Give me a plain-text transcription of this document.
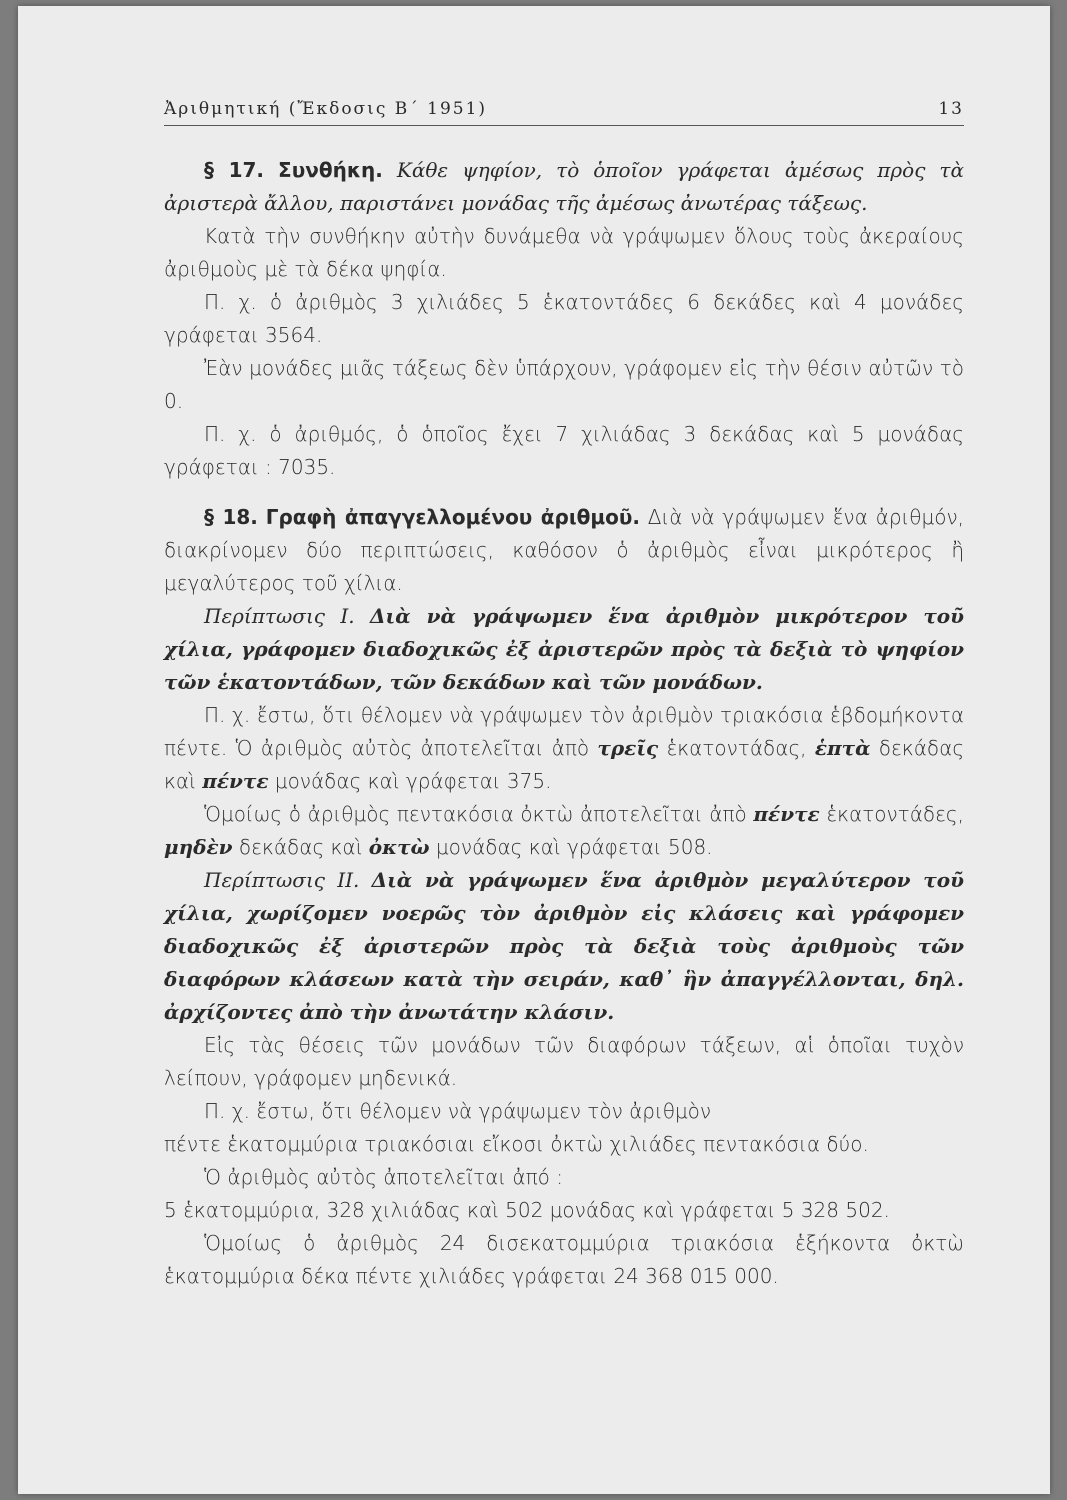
Ἀριθμητική (Ἔκδοσις Β΄ 1951)	13

§ 17. Συνθήκη. Κάθε ψηφίον, τὸ ὁποῖον γράφεται ἀμέσως πρὸς τὰ ἀριστερὰ ἄλλου, παριστάνει μονάδας τῆς ἀμέσως ἀνωτέρας τάξεως.

Κατὰ τὴν συνθήκην αὐτὴν δυνάμεθα νὰ γράψωμεν ὅλους τοὺς ἀκεραίους ἀριθμοὺς μὲ τὰ δέκα ψηφία.

Π. χ. ὁ ἀριθμὸς 3 χιλιάδες 5 ἑκατοντάδες 6 δεκάδες καὶ 4 μονάδες γράφεται 3564.

Ἐὰν μονάδες μιᾶς τάξεως δὲν ὑπάρχουν, γράφομεν εἰς τὴν θέσιν αὐτῶν τὸ 0.

Π. χ. ὁ ἀριθμός, ὁ ὁποῖος ἔχει 7 χιλιάδας 3 δεκάδας καὶ 5 μονάδας γράφεται : 7035.

§ 18. Γραφὴ ἀπαγγελλομένου ἀριθμοῦ. Διὰ νὰ γράψωμεν ἕνα ἀριθμόν, διακρίνομεν δύο περιπτώσεις, καθόσον ὁ ἀριθμὸς εἶναι μικρότερος ἢ μεγαλύτερος τοῦ χίλια.

Περίπτωσις I. Διὰ νὰ γράψωμεν ἕνα ἀριθμὸν μικρότερον τοῦ χίλια, γράφομεν διαδοχικῶς ἐξ ἀριστερῶν πρὸς τὰ δεξιὰ τὸ ψηφίον τῶν ἑκατοντάδων, τῶν δεκάδων καὶ τῶν μονάδων.

Π. χ. ἔστω, ὅτι θέλομεν νὰ γράψωμεν τὸν ἀριθμὸν τριακόσια ἑβδομήκοντα πέντε. Ὁ ἀριθμὸς αὐτὸς ἀποτελεῖται ἀπὸ τρεῖς ἑκατοντάδας, ἑπτὰ δεκάδας καὶ πέντε μονάδας καὶ γράφεται 375.

Ὁμοίως ὁ ἀριθμὸς πεντακόσια ὀκτὼ ἀποτελεῖται ἀπὸ πέντε ἑκατοντάδες, μηδὲν δεκάδας καὶ ὀκτὼ μονάδας καὶ γράφεται 508.

Περίπτωσις II. Διὰ νὰ γράψωμεν ἕνα ἀριθμὸν μεγαλύτερον τοῦ χίλια, χωρίζομεν νοερῶς τὸν ἀριθμὸν εἰς κλάσεις καὶ γράφομεν διαδοχικῶς ἐξ ἀριστερῶν πρὸς τὰ δεξιὰ τοὺς ἀριθμοὺς τῶν διαφόρων κλάσεων κατὰ τὴν σειράν, καθ᾿ ἣν ἀπαγγέλλονται, δηλ. ἀρχίζοντες ἀπὸ τὴν ἀνωτάτην κλάσιν.

Εἰς τὰς θέσεις τῶν μονάδων τῶν διαφόρων τάξεων, αἱ ὁποῖαι τυχὸν λείπουν, γράφομεν μηδενικά.

Π. χ. ἔστω, ὅτι θέλομεν νὰ γράψωμεν τὸν ἀριθμὸν

πέντε ἑκατομμύρια τριακόσιαι εἴκοσι ὀκτὼ χιλιάδες πεντακόσια δύο.

Ὁ ἀριθμὸς αὐτὸς ἀποτελεῖται ἀπό :

5 ἑκατομμύρια, 328 χιλιάδας καὶ 502 μονάδας καὶ γράφεται 5 328 502.

Ὁμοίως ὁ ἀριθμὸς 24 δισεκατομμύρια τριακόσια ἑξήκοντα ὀκτὼ ἑκατομμύρια δέκα πέντε χιλιάδες γράφεται 24 368 015 000.
